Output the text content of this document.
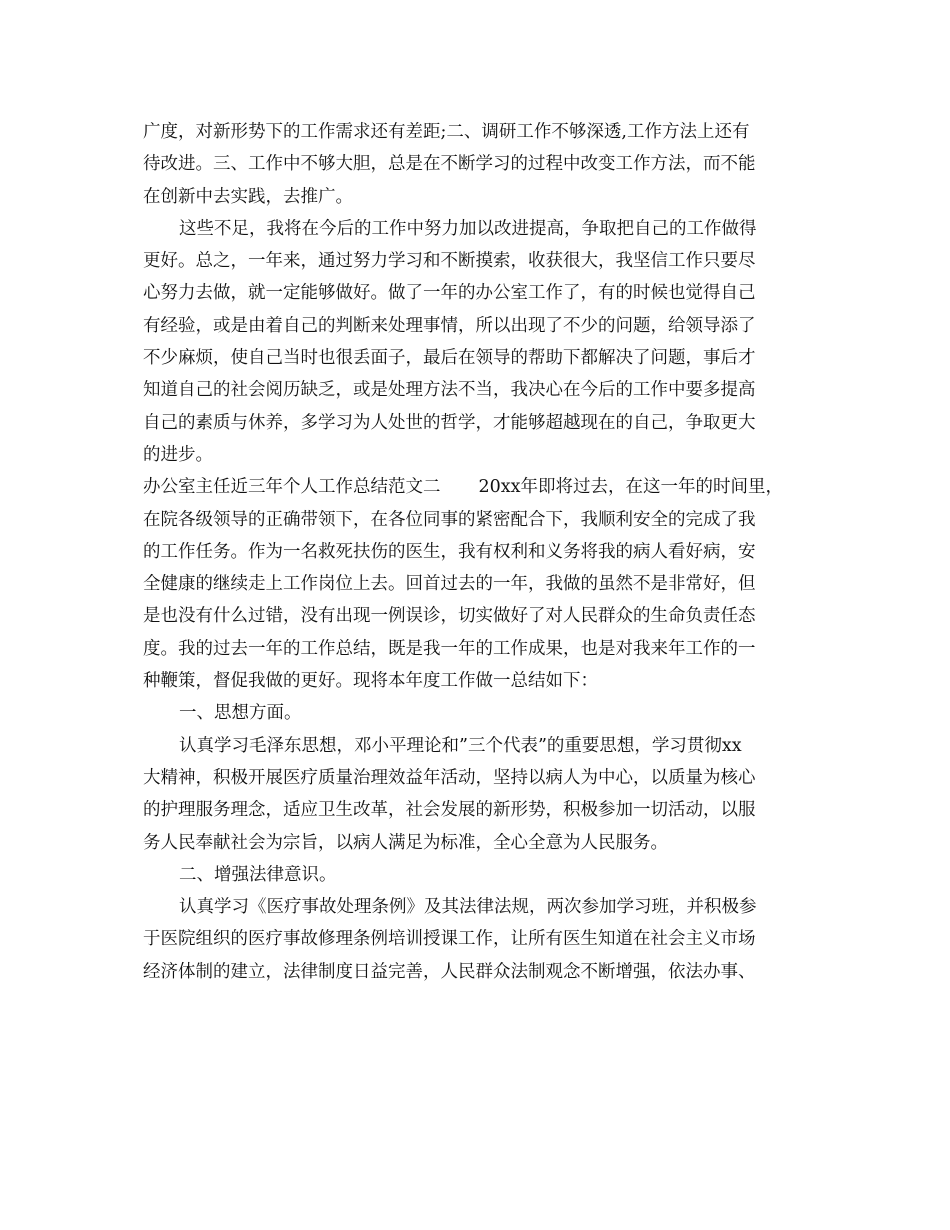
广度，对新形势下的工作需求还有差距;二、调研工作不够深透,工作方法上还有
待改进。三、工作中不够大胆，总是在不断学习的过程中改变工作方法，而不能
在创新中去实践，去推广。
这些不足，我将在今后的工作中努力加以改进提高，争取把自己的工作做得
更好。总之，一年来，通过努力学习和不断摸索，收获很大，我坚信工作只要尽
心努力去做，就一定能够做好。做了一年的办公室工作了，有的时候也觉得自己
有经验，或是由着自己的判断来处理事情，所以出现了不少的问题，给领导添了
不少麻烦，使自己当时也很丢面子，最后在领导的帮助下都解决了问题，事后才
知道自己的社会阅历缺乏，或是处理方法不当，我决心在今后的工作中要多提高
自己的素质与休养，多学习为人处世的哲学，才能够超越现在的自己，争取更大
的进步。
办公室主任近三年个人工作总结范文二 20xx年即将过去，在这一年的时间里，
在院各级领导的正确带领下，在各位同事的紧密配合下，我顺利安全的完成了我
的工作任务。作为一名救死扶伤的医生，我有权利和义务将我的病人看好病，安
全健康的继续走上工作岗位上去。回首过去的一年，我做的虽然不是非常好，但
是也没有什么过错，没有出现一例误诊，切实做好了对人民群众的生命负责任态
度。我的过去一年的工作总结，既是我一年的工作成果，也是对我来年工作的一
种鞭策，督促我做的更好。现将本年度工作做一总结如下：
一、思想方面。
认真学习毛泽东思想，邓小平理论和”三个代表”的重要思想，学习贯彻xx
大精神，积极开展医疗质量治理效益年活动，坚持以病人为中心，以质量为核心
的护理服务理念，适应卫生改革，社会发展的新形势，积极参加一切活动，以服
务人民奉献社会为宗旨，以病人满足为标准，全心全意为人民服务。
二、增强法律意识。
认真学习《医疗事故处理条例》及其法律法规，两次参加学习班，并积极参
于医院组织的医疗事故修理条例培训授课工作，让所有医生知道在社会主义市场
经济体制的建立，法律制度日益完善，人民群众法制观念不断增强，依法办事、
